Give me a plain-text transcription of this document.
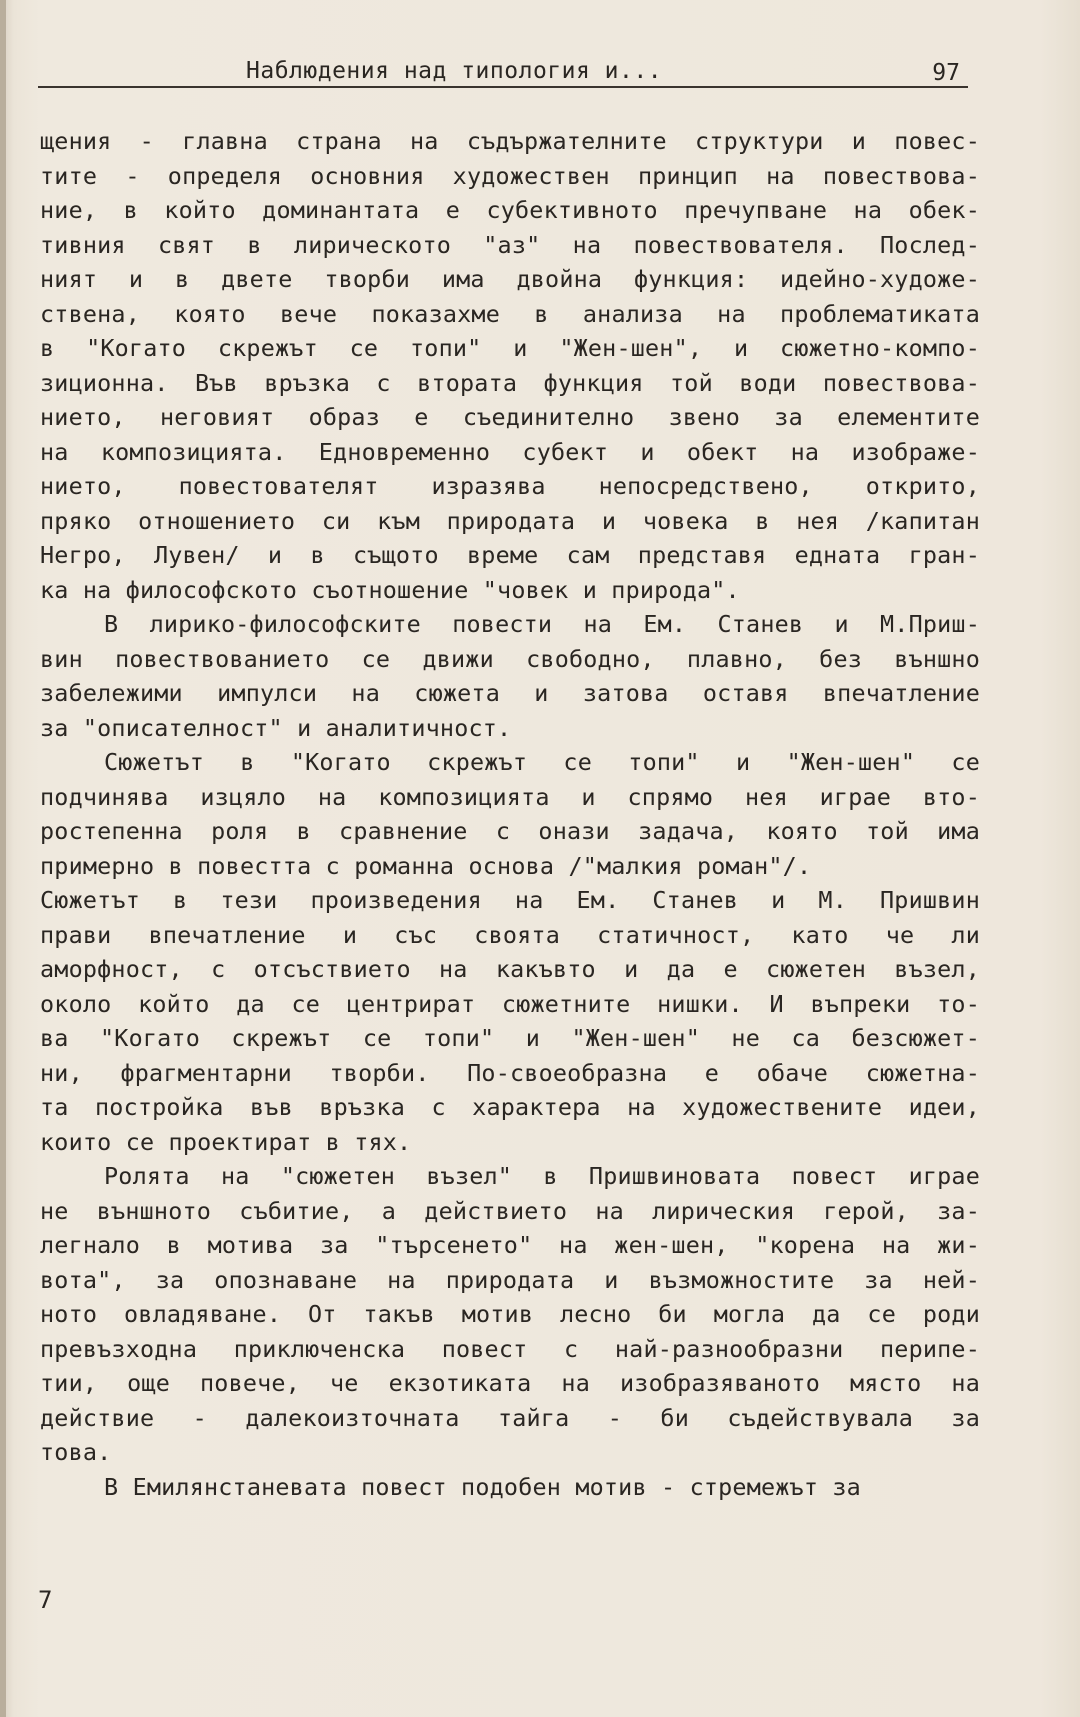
Наблюдения над типология и...	97
щения - главна страна на съдържателните структури и повес-
тите - определя основния художествен принцип на повествова-
ние, в който доминантата е субективното пречупване на обек-
тивния свят в лирическото "аз" на повествователя. Послед-
ният и в двете творби има двойна функция: идейно-художе-
ствена, която вече показахме в анализа на проблематиката
в "Когато скрежът се топи" и "Жен-шен", и сюжетно-компо-
зиционна. Във връзка с втората функция той води повествова-
нието, неговият образ е съединително звено за елементите
на композицията. Едновременно субект и обект на изображе-
нието, повестователят изразява непосредствено, открито,
пряко отношението си към природата и човека в нея /капитан
Негро, Лувен/ и в същото време сам представя едната гран-
ка на философското съотношение "човек и природа".
В лирико-философските повести на Ем. Станев и М.Приш-
вин повествованието се движи свободно, плавно, без външно
забележими импулси на сюжета и затова оставя впечатление
за "описателност" и аналитичност.
Сюжетът в "Когато скрежът се топи" и "Жен-шен" се
подчинява изцяло на композицията и спрямо нея играе вто-
ростепенна роля в сравнение с онази задача, която той има
примерно в повестта с романна основа /"малкия роман"/.
Сюжетът в тези произведения на Ем. Станев и М. Пришвин
прави впечатление и със своята статичност, като че ли
аморфност, с отсъствието на какъвто и да е сюжетен възел,
около който да се центрират сюжетните нишки. И въпреки то-
ва "Когато скрежът се топи" и "Жен-шен" не са безсюжет-
ни, фрагментарни творби. По-своеобразна е обаче сюжетна-
та постройка във връзка с характера на художествените идеи,
които се проектират в тях.
Ролята на "сюжетен възел" в Пришвиновата повест играе
не външното събитие, а действието на лирическия герой, за-
легнало в мотива за "търсенето" на жен-шен, "корена на жи-
вота", за опознаване на природата и възможностите за ней-
ното овладяване. От такъв мотив лесно би могла да се роди
превъзходна приключенска повест с най-разнообразни перипе-
тии, още повече, че екзотиката на изобразяваното място на
действие - далекоизточната тайга - би съдействувала за
това.
В Емилянстаневата повест подобен мотив - стремежът за
7
